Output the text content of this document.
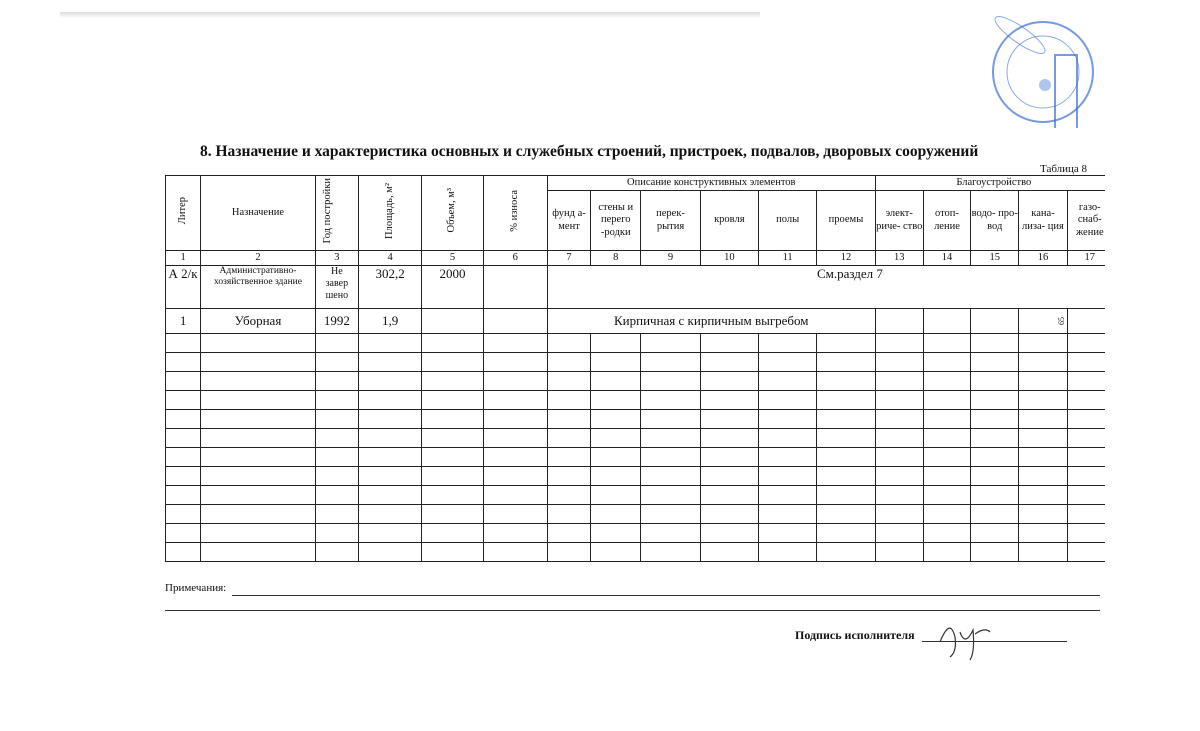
8. Назначение и характеристика основных и служебных строений, пристроек, подвалов, дворовых сооружений
Таблица 8
Литер	Назначение	Год постройки	Площадь, м²	Объем, м³	% износа	Описание конструктивных элементов						Благоустройство				
						фунд а- мент	стены и перего -родки	перек- рытия	кровля	полы	проемы	элект- риче- ство	отоп- ление	водо- про- вод	кана- лиза- ция	газо- снаб- жение
1	2	3	4	5	6	7	8	9	10	11	12	13	14	15	16	17
А 2/к	Административно-хозяйственное здание	Не завер шено	302,2	2000		См.раздел 7										
1	Уборная	1992	1,9			Кирпичная с кирпичным выгребом									65	

Примечания:
Подпись исполнителя
